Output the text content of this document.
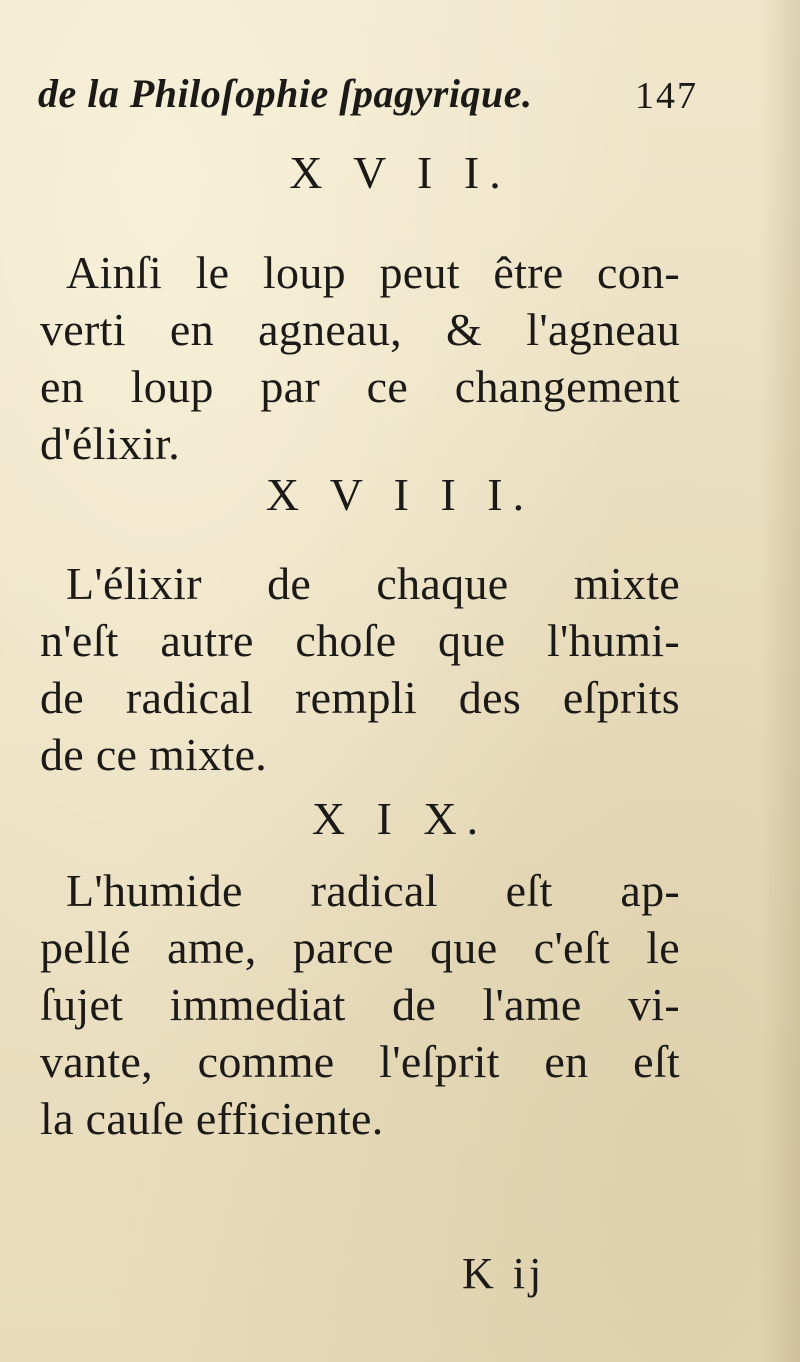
de la Philoſophie ſpagyrique.	147
X V I I.
Ainſi le loup peut être con-
verti en agneau, & l'agneau
en loup par ce changement
d'élixir.
X V I I I.
L'élixir de chaque mixte
n'eſt autre choſe que l'humi-
de radical rempli des eſprits
de ce mixte.
X I X.
L'humide radical eſt ap-
pellé ame, parce que c'eſt le
ſujet immediat de l'ame vi-
vante, comme l'eſprit en eſt
la cauſe efficiente.
K ij
